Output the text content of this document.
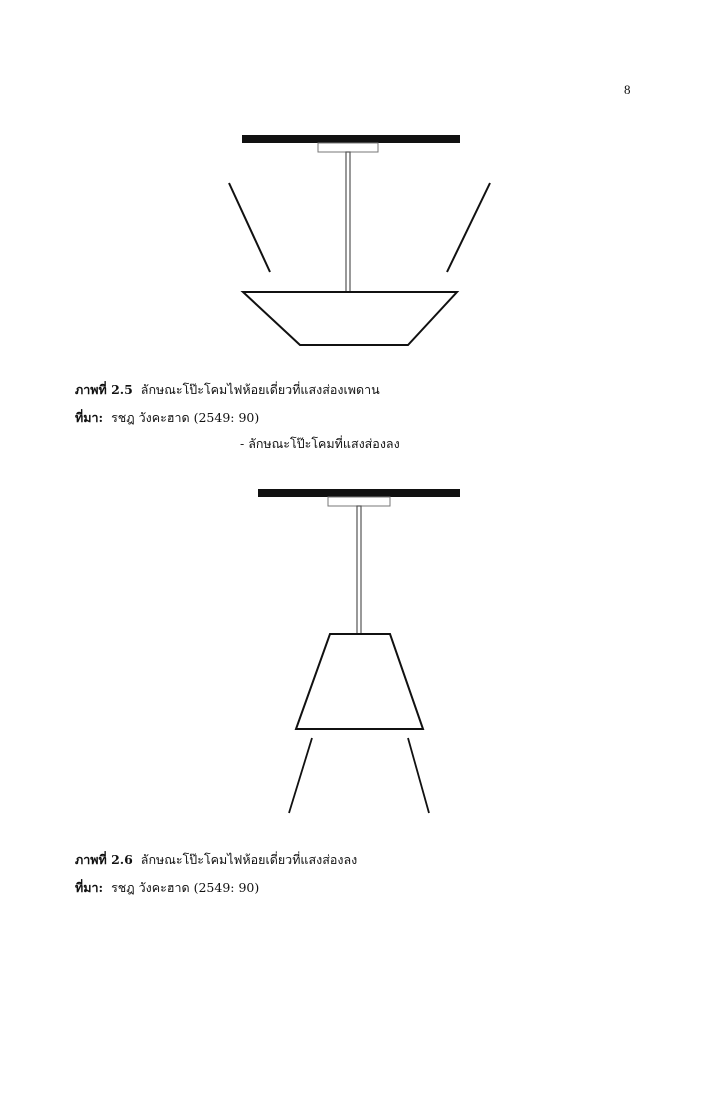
8
ภาพที่ 2.5 ลักษณะโป๊ะโคมไฟห้อยเดี่ยวที่แสงส่องเพดาน
ที่มา: รชฎ วังคะฮาด (2549: 90)
- ลักษณะโป๊ะโคมที่แสงส่องลง
ภาพที่ 2.6 ลักษณะโป๊ะโคมไฟห้อยเดี่ยวที่แสงส่องลง
ที่มา: รชฎ วังคะฮาด (2549: 90)
